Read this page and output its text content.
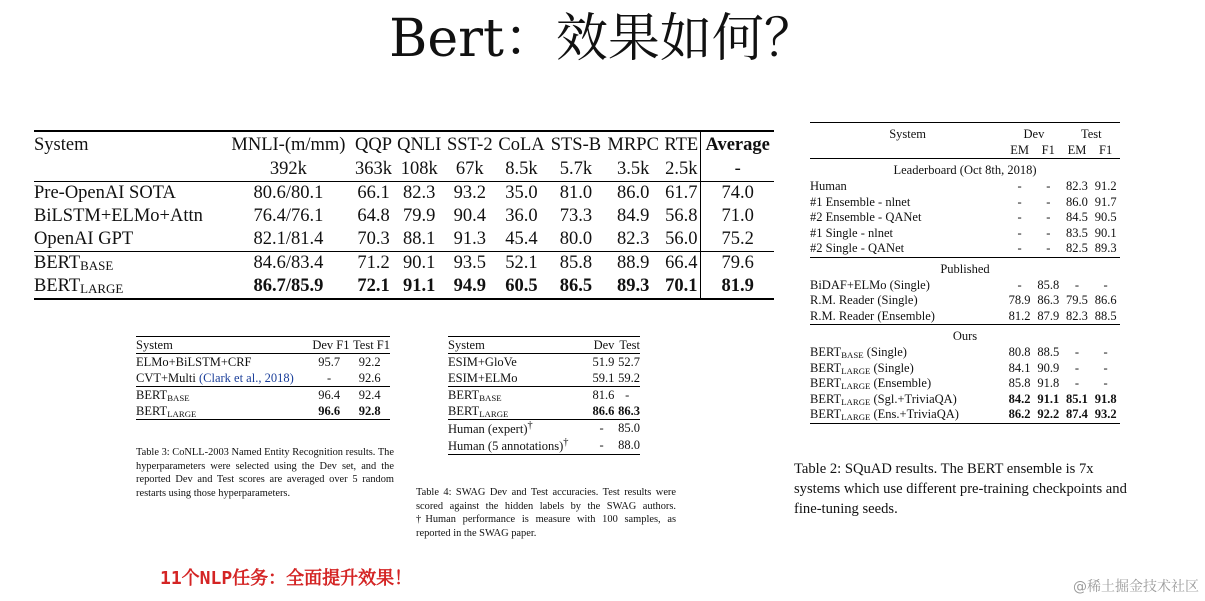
Bert：效果如何？
System	MNLI-(m/mm)	QQP	QNLI	SST-2	CoLA	STS-B	MRPC	RTE	Average
	392k	363k	108k	67k	8.5k	5.7k	3.5k	2.5k	-
Pre-OpenAI SOTA	80.6/80.1	66.1	82.3	93.2	35.0	81.0	86.0	61.7	74.0
BiLSTM+ELMo+Attn	76.4/76.1	64.8	79.9	90.4	36.0	73.3	84.9	56.8	71.0
OpenAI GPT	82.1/81.4	70.3	88.1	91.3	45.4	80.0	82.3	56.0	75.2
$BERT_{BASE}$	84.6/83.4	71.2	90.1	93.5	52.1	85.8	88.9	66.4	79.6
$BERT_{LARGE}$	86.7/85.9	72.1	91.1	94.9	60.5	86.5	89.3	70.1	81.9
System	Dev F1	Test F1
ELMo+BiLSTM+CRF	95.7	92.2
CVT+Multi (Clark et al., 2018)	-	92.6
$BERT_{BASE}$	96.4	92.4
$BERT_{LARGE}$	96.6	92.8
Table 3: CoNLL-2003 Named Entity Recognition results. The hyperparameters were selected using the Dev set, and the reported Dev and Test scores are averaged over 5 random restarts using those hyperparameters.
System	Dev	Test
ESIM+GloVe	51.9	52.7
ESIM+ELMo	59.1	59.2
$BERT_{BASE}$	81.6	-
$BERT_{LARGE}$	86.6	86.3
Human (expert)†	-	85.0
Human (5 annotations)†	-	88.0
Table 4: SWAG Dev and Test accuracies. Test results were scored against the hidden labels by the SWAG authors. †Human performance is measure with 100 samples, as reported in the SWAG paper.
System	Dev		Test	
	EM	F1	EM	F1
Leaderboard (Oct 8th, 2018)				
Human	-	-	82.3	91.2
#1 Ensemble - nlnet	-	-	86.0	91.7
#2 Ensemble - QANet	-	-	84.5	90.5
#1 Single - nlnet	-	-	83.5	90.1
#2 Single - QANet	-	-	82.5	89.3
Published				
BiDAF+ELMo (Single)	-	85.8	-	-
R.M. Reader (Single)	78.9	86.3	79.5	86.6
R.M. Reader (Ensemble)	81.2	87.9	82.3	88.5
Ours				
$BERT_{BASE}$ (Single)	80.8	88.5	-	-
$BERT_{LARGE}$ (Single)	84.1	90.9	-	-
$BERT_{LARGE}$ (Ensemble)	85.8	91.8	-	-
$BERT_{LARGE}$ (Sgl.+TriviaQA)	84.2	91.1	85.1	91.8
$BERT_{LARGE}$ (Ens.+TriviaQA)	86.2	92.2	87.4	93.2
Table 2: SQuAD results. The BERT ensemble is 7x systems which use different pre-training checkpoints and fine-tuning seeds.
11个NLP任务：全面提升效果！	@稀土掘金技术社区
